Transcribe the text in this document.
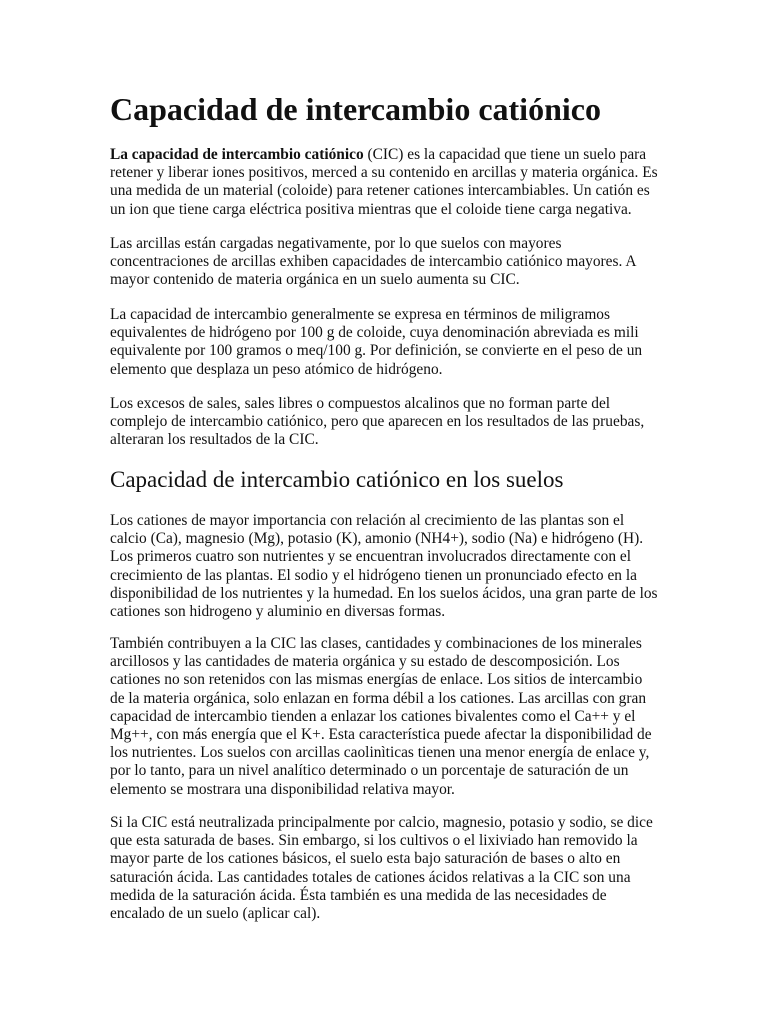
Capacidad de intercambio catiónico

La capacidad de intercambio catiónico (CIC) es la capacidad que tiene un suelo para retener y liberar iones positivos, merced a su contenido en arcillas y materia orgánica. Es una medida de un material (coloide) para retener cationes intercambiables. Un catión es un ion que tiene carga eléctrica positiva mientras que el coloide tiene carga negativa.

Las arcillas están cargadas negativamente, por lo que suelos con mayores concentraciones de arcillas exhiben capacidades de intercambio catiónico mayores. A mayor contenido de materia orgánica en un suelo aumenta su CIC.

La capacidad de intercambio generalmente se expresa en términos de miligramos equivalentes de hidrógeno por 100 g de coloide, cuya denominación abreviada es mili equivalente por 100 gramos o meq/100 g. Por definición, se convierte en el peso de un elemento que desplaza un peso atómico de hidrógeno.

Los excesos de sales, sales libres o compuestos alcalinos que no forman parte del complejo de intercambio catiónico, pero que aparecen en los resultados de las pruebas, alteraran los resultados de la CIC.

Capacidad de intercambio catiónico en los suelos

Los cationes de mayor importancia con relación al crecimiento de las plantas son el calcio (Ca), magnesio (Mg), potasio (K), amonio (NH4+), sodio (Na) e hidrógeno (H). Los primeros cuatro son nutrientes y se encuentran involucrados directamente con el crecimiento de las plantas. El sodio y el hidrógeno tienen un pronunciado efecto en la disponibilidad de los nutrientes y la humedad. En los suelos ácidos, una gran parte de los cationes son hidrogeno y aluminio en diversas formas.

También contribuyen a la CIC las clases, cantidades y combinaciones de los minerales arcillosos y las cantidades de materia orgánica y su estado de descomposición. Los cationes no son retenidos con las mismas energías de enlace. Los sitios de intercambio de la materia orgánica, solo enlazan en forma débil a los cationes. Las arcillas con gran capacidad de intercambio tienden a enlazar los cationes bivalentes como el Ca++ y el Mg++, con más energía que el K+. Esta característica puede afectar la disponibilidad de los nutrientes. Los suelos con arcillas caolinìticas tienen una menor energía de enlace y, por lo tanto, para un nivel analítico determinado o un porcentaje de saturación de un elemento se mostrara una disponibilidad relativa mayor.

Si la CIC está neutralizada principalmente por calcio, magnesio, potasio y sodio, se dice que esta saturada de bases. Sin embargo, si los cultivos o el lixiviado han removido la mayor parte de los cationes básicos, el suelo esta bajo saturación de bases o alto en saturación ácida. Las cantidades totales de cationes ácidos relativas a la CIC son una medida de la saturación ácida. Ésta también es una medida de las necesidades de encalado de un suelo (aplicar cal).
